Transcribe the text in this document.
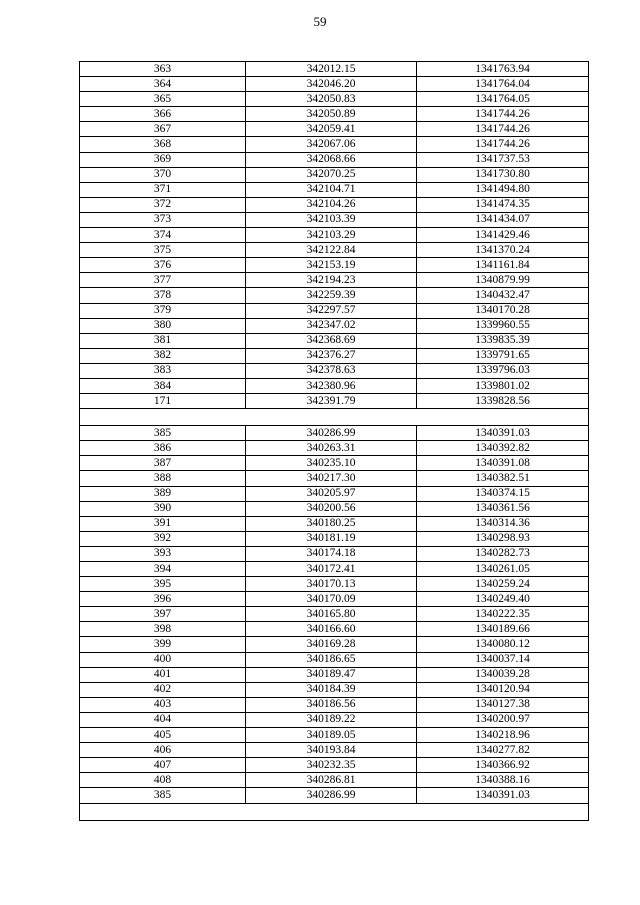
59
363	342012.15	1341763.94
364	342046.20	1341764.04
365	342050.83	1341764.05
366	342050.89	1341744.26
367	342059.41	1341744.26
368	342067.06	1341744.26
369	342068.66	1341737.53
370	342070.25	1341730.80
371	342104.71	1341494.80
372	342104.26	1341474.35
373	342103.39	1341434.07
374	342103.29	1341429.46
375	342122.84	1341370.24
376	342153.19	1341161.84
377	342194.23	1340879.99
378	342259.39	1340432.47
379	342297.57	1340170.28
380	342347.02	1339960.55
381	342368.69	1339835.39
382	342376.27	1339791.65
383	342378.63	1339796.03
384	342380.96	1339801.02
171	342391.79	1339828.56

385	340286.99	1340391.03
386	340263.31	1340392.82
387	340235.10	1340391.08
388	340217.30	1340382.51
389	340205.97	1340374.15
390	340200.56	1340361.56
391	340180.25	1340314.36
392	340181.19	1340298.93
393	340174.18	1340282.73
394	340172.41	1340261.05
395	340170.13	1340259.24
396	340170.09	1340249.40
397	340165.80	1340222.35
398	340166.60	1340189.66
399	340169.28	1340080.12
400	340186.65	1340037.14
401	340189.47	1340039.28
402	340184.39	1340120.94
403	340186.56	1340127.38
404	340189.22	1340200.97
405	340189.05	1340218.96
406	340193.84	1340277.82
407	340232.35	1340366.92
408	340286.81	1340388.16
385	340286.99	1340391.03
